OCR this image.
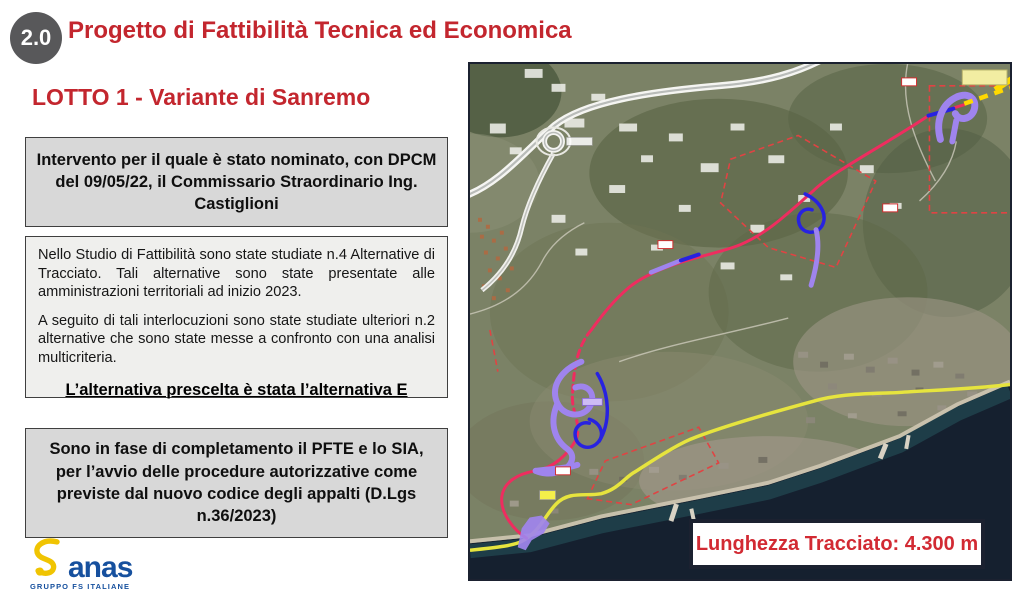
2.0 Progetto di Fattibilità Tecnica ed Economica
LOTTO 1 - Variante di Sanremo
Intervento per il quale è stato nominato, con DPCM del 09/05/22, il Commissario Straordinario Ing. Castiglioni

Nello Studio di Fattibilità sono state studiate n.4 Alternative di Tracciato. Tali alternative sono state presentate alle amministrazioni territoriali ad inizio 2023.

A seguito di tali interlocuzioni sono state studiate ulteriori n.2 alternative che sono state messe a confronto con una analisi multicriteria.

L’alternativa prescelta è stata l’alternativa E

Sono in fase di completamento il PFTE e lo SIA, per l’avvio delle procedure autorizzative come previste dal nuovo codice degli appalti (D.Lgs n.36/2023)
anas
GRUPPO FS ITALIANE
Lunghezza Tracciato: 4.300 m
